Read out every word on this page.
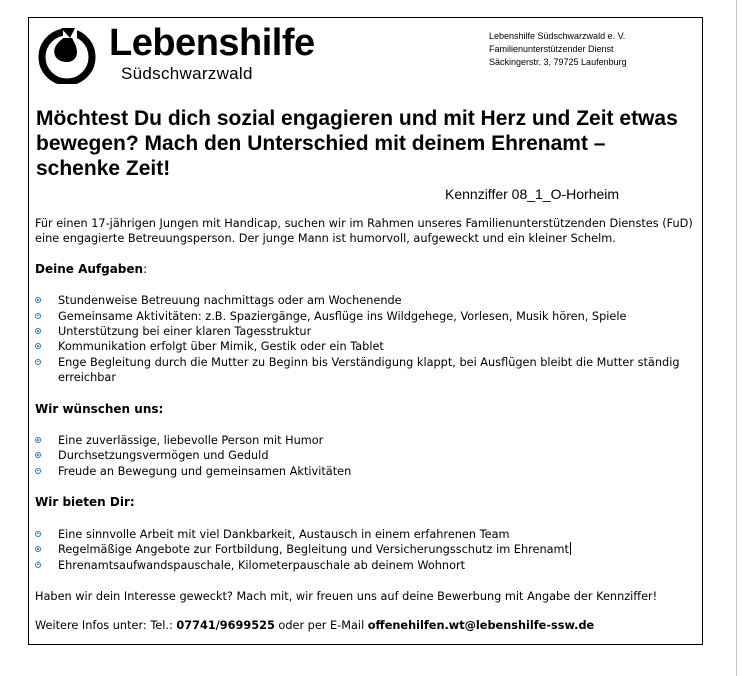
Lebenshilfe
Südschwarzwald
Lebenshilfe Südschwarzwald e. V.
Familienunterstützender Dienst
Säckingerstr. 3, 79725 Laufenburg
Möchtest Du dich sozial engagieren und mit Herz und Zeit etwas bewegen? Mach den Unterschied mit deinem Ehrenamt – schenke Zeit!
Kennziffer 08_1_O-Horheim

Für einen 17-jährigen Jungen mit Handicap, suchen wir im Rahmen unseres Familienunterstützenden Dienstes (FuD) eine engagierte Betreuungsperson. Der junge Mann ist humorvoll, aufgeweckt und ein kleiner Schelm.

Deine Aufgaben:

Stundenweise Betreuung nachmittags oder am Wochenende
Gemeinsame Aktivitäten: z.B. Spaziergänge, Ausflüge ins Wildgehege, Vorlesen, Musik hören, Spiele
Unterstützung bei einer klaren Tagesstruktur
Kommunikation erfolgt über Mimik, Gestik oder ein Tablet
Enge Begleitung durch die Mutter zu Beginn bis Verständigung klappt, bei Ausflügen bleibt die Mutter ständig erreichbar

Wir wünschen uns:

Eine zuverlässige, liebevolle Person mit Humor
Durchsetzungsvermögen und Geduld
Freude an Bewegung und gemeinsamen Aktivitäten

Wir bieten Dir:

Eine sinnvolle Arbeit mit viel Dankbarkeit, Austausch in einem erfahrenen Team
Regelmäßige Angebote zur Fortbildung, Begleitung und Versicherungsschutz im Ehrenamt
Ehrenamtsaufwandspauschale, Kilometerpauschale ab deinem Wohnort

Haben wir dein Interesse geweckt? Mach mit, wir freuen uns auf deine Bewerbung mit Angabe der Kennziffer!

Weitere Infos unter: Tel.: 07741/9699525 oder per E-Mail offenehilfen.wt@lebenshilfe-ssw.de
